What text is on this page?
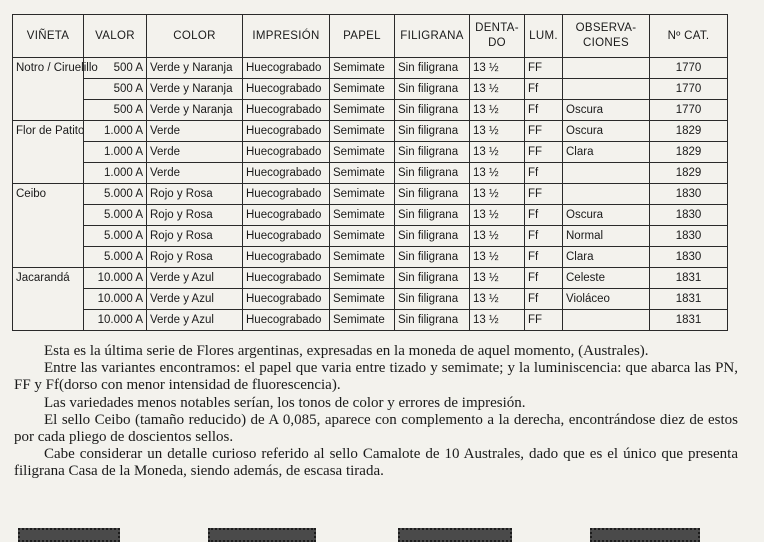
VIÑETA	VALOR	COLOR	IMPRESIÓN	PAPEL	FILIGRANA	DENTA-
DO	LUM.	OBSERVA-
CIONES	Nº CAT.
Notro / Ciruelillo	500 A	Verde y Naranja	Huecograbado	Semimate	Sin filigrana	13 ½	FF		1770
	500 A	Verde y Naranja	Huecograbado	Semimate	Sin filigrana	13 ½	Ff		1770
	500 A	Verde y Naranja	Huecograbado	Semimate	Sin filigrana	13 ½	Ff	Oscura	1770
Flor de Patito	1.000 A	Verde	Huecograbado	Semimate	Sin filigrana	13 ½	FF	Oscura	1829
	1.000 A	Verde	Huecograbado	Semimate	Sin filigrana	13 ½	FF	Clara	1829
	1.000 A	Verde	Huecograbado	Semimate	Sin filigrana	13 ½	Ff		1829
Ceibo	5.000 A	Rojo y Rosa	Huecograbado	Semimate	Sin filigrana	13 ½	FF		1830
	5.000 A	Rojo y Rosa	Huecograbado	Semimate	Sin filigrana	13 ½	Ff	Oscura	1830
	5.000 A	Rojo y Rosa	Huecograbado	Semimate	Sin filigrana	13 ½	Ff	Normal	1830
	5.000 A	Rojo y Rosa	Huecograbado	Semimate	Sin filigrana	13 ½	Ff	Clara	1830
Jacarandá	10.000 A	Verde y Azul	Huecograbado	Semimate	Sin filigrana	13 ½	Ff	Celeste	1831
	10.000 A	Verde y Azul	Huecograbado	Semimate	Sin filigrana	13 ½	Ff	Violáceo	1831
	10.000 A	Verde y Azul	Huecograbado	Semimate	Sin filigrana	13 ½	FF		1831

Esta es la última serie de Flores argentinas, expresadas en la moneda de aquel momento, (Australes).

Entre las variantes encontramos: el papel que varia entre tizado y semimate; y la luminiscencia: que abarca las PN, FF y Ff(dorso con menor intensidad de fluorescencia).

Las variedades menos notables serían, los tonos de color y errores de impresión.

El sello Ceibo (tamaño reducido) de A 0,085, aparece con complemento a la derecha, encontrándose diez de estos por cada pliego de doscientos sellos.

Cabe considerar un detalle curioso referido al sello Camalote de 10 Australes, dado que es el único que presenta filigrana Casa de la Moneda, siendo además, de escasa tirada.
